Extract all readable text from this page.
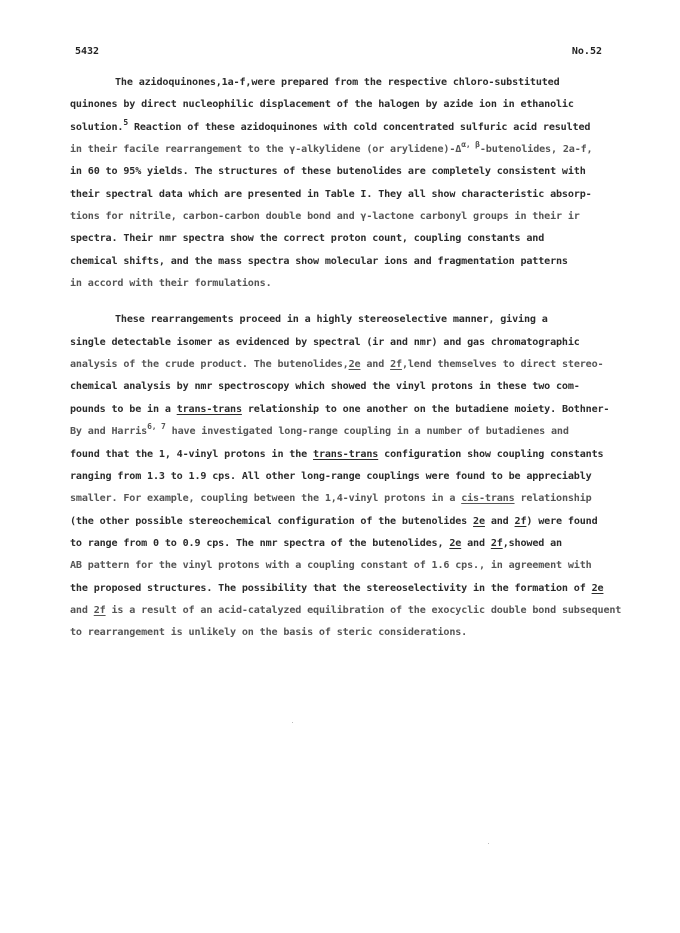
5432	No.52
The azidoquinones,1a-f,were prepared from the respective chloro-substituted
quinones by direct nucleophilic displacement of the halogen by azide ion in ethanolic
solution.$^5$ Reaction of these azidoquinones with cold concentrated sulfuric acid resulted
in their facile rearrangement to the γ-alkylidene (or $arylidene)-\Delta^{\alpha, \beta}$-butenolides, 2a-f,
in 60 to 95% yields. The structures of these butenolides are completely consistent with
their spectral data which are presented in Table I. They all show characteristic absorp-
tions for nitrile, carbon-carbon double bond and γ-lactone carbonyl groups in their ir
spectra. Their nmr spectra show the correct proton count, coupling constants and
chemical shifts, and the mass spectra show molecular ions and fragmentation patterns
in accord with their formulations.
These rearrangements proceed in a highly stereoselective manner, giving a
single detectable isomer as evidenced by spectral (ir and nmr) and gas chromatographic
analysis of the crude product. The butenolides,2e and 2f,lend themselves to direct stereo-
chemical analysis by nmr spectroscopy which showed the vinyl protons in these two com-
pounds to be in a trans-trans relationship to one another on the butadiene moiety. Bothner-
By and Harris$^{6, 7}$ have investigated long-range coupling in a number of butadienes and
found that the 1, 4-vinyl protons in the trans-trans configuration show coupling constants
ranging from 1.3 to 1.9 cps. All other long-range couplings were found to be appreciably
smaller. For example, coupling between the 1,4-vinyl protons in a cis-trans relationship
(the other possible stereochemical configuration of the butenolides 2e and 2f) were found
to range from 0 to 0.9 cps. The nmr spectra of the butenolides, 2e and 2f,showed an
AB pattern for the vinyl protons with a coupling constant of 1.6 cps., in agreement with
the proposed structures. The possibility that the stereoselectivity in the formation of 2e
and 2f is a result of an acid-catalyzed equilibration of the exocyclic double bond subsequent
to rearrangement is unlikely on the basis of steric considerations.
